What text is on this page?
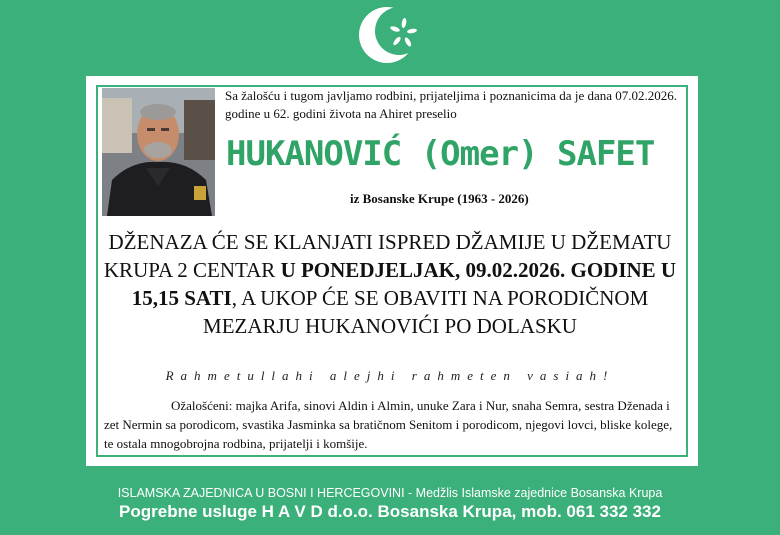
Sa žalošću i tugom javljamo rodbini, prijateljima i poznanicima da je dana 07.02.2026. godine u 62. godini života na Ahiret preselio
HUKANOVIĆ (Omer) SAFET
iz Bosanske Krupe (1963 - 2026)
DŽENAZA ĆE SE KLANJATI ISPRED DŽAMIJE U DŽEMATU KRUPA 2 CENTAR U PONEDJELJAK, 09.02.2026. GODINE U 15,15 SATI, A UKOP ĆE SE OBAVITI NA PORODIČNOM MEZARJU HUKANOVIĆI PO DOLASKU
Rahmetullahi alejhi rahmeten vasiah!
Ožalošćeni: majka Arifa, sinovi Aldin i Almin, unuke Zara i Nur, snaha Semra, sestra Dženada i zet Nermin sa porodicom, svastika Jasminka sa bratičnom Senitom i porodicom, njegovi lovci, bliske kolege, te ostala mnogobrojna rodbina, prijatelji i komšije.
ISLAMSKA ZAJEDNICA U BOSNI I HERCEGOVINI - Medžlis Islamske zajednice Bosanska Krupa
Pogrebne usluge H A V D d.o.o. Bosanska Krupa, mob. 061 332 332
